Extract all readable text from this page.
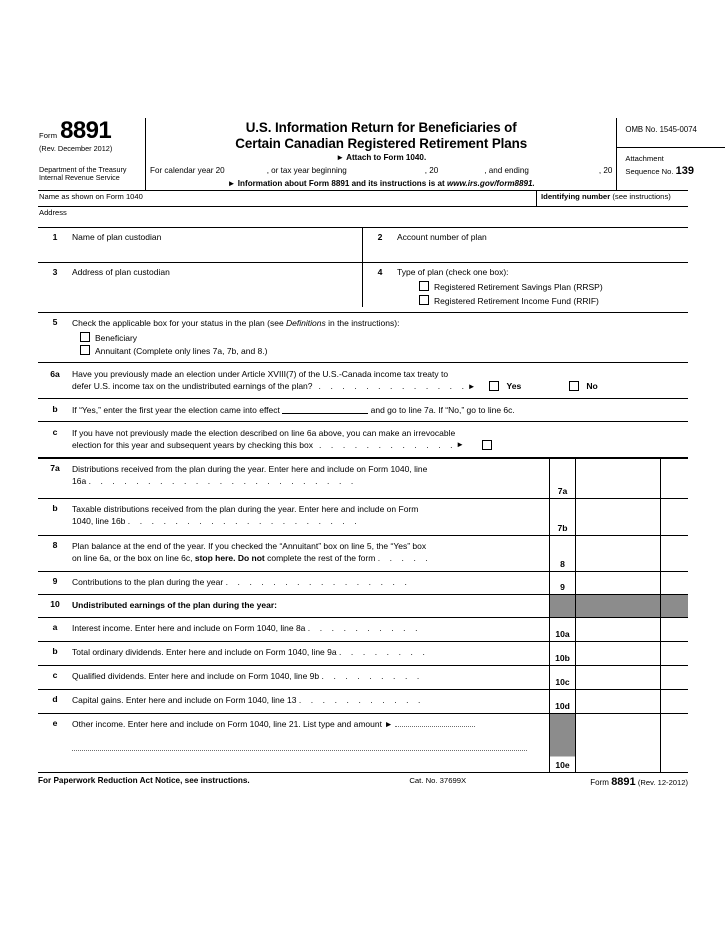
Form 8891
(Rev. December 2012)
Department of the Treasury
Internal Revenue Service
U.S. Information Return for Beneficiaries of
Certain Canadian Registered Retirement Plans
► Attach to Form 1040.
For calendar year 20	, or tax year beginning	, 20	, and ending	, 20
► Information about Form 8891 and its instructions is at www.irs.gov/form8891.
OMB No. 1545-0074
Attachment
Sequence No. 139
Name as shown on Form 1040	Identifying number (see instructions)
Address
1	Name of plan custodian	2	Account number of plan
3	Address of plan custodian	4	Type of plan (check one box):
Registered Retirement Savings Plan (RRSP)
Registered Retirement Income Fund (RRIF)
5	Check the applicable box for your status in the plan (see Definitions in the instructions):
Beneficiary
Annuitant (Complete only lines 7a, 7b, and 8.)
6a	Have you previously made an election under Article XVIII(7) of the U.S.-Canada income tax treaty to
defer U.S. income tax on the undistributed earnings of the plan? . . . . . . . . . . . . . ►	Yes	No
b	If “Yes,” enter the first year the election came into effect	and go to line 7a. If “No,” go to line 6c.
c	If you have not previously made the election described on line 6a above, you can make an irrevocable
election for this year and subsequent years by checking this box . . . . . . . . . . . . ►
7a	Distributions received from the plan during the year. Enter here and include on Form 1040, line
16a . . . . . . . . . . . . . . . . . . . . . . .
7a
b	Taxable distributions received from the plan during the year. Enter here and include on Form
1040, line 16b . . . . . . . . . . . . . . . . . . . .
7b
8	Plan balance at the end of the year. If you checked the “Annuitant” box on line 5, the “Yes” box
on line 6a, or the box on line 6c, stop here. Do not complete the rest of the form . . . . .
8
9	Contributions to the plan during the year . . . . . . . . . . . . . . . .
9
10	Undistributed earnings of the plan during the year:
a	Interest income. Enter here and include on Form 1040, line 8a . . . . . . . . . .
10a
b	Total ordinary dividends. Enter here and include on Form 1040, line 9a . . . . . . . .
10b
c	Qualified dividends. Enter here and include on Form 1040, line 9b . . . . . . . . .
10c
d	Capital gains. Enter here and include on Form 1040, line 13 . . . . . . . . . . .
10d
e	Other income. Enter here and include on Form 1040, line 21. List type and amount ►
10e
For Paperwork Reduction Act Notice, see instructions.	Cat. No. 37699X	Form 8891 (Rev. 12-2012)
